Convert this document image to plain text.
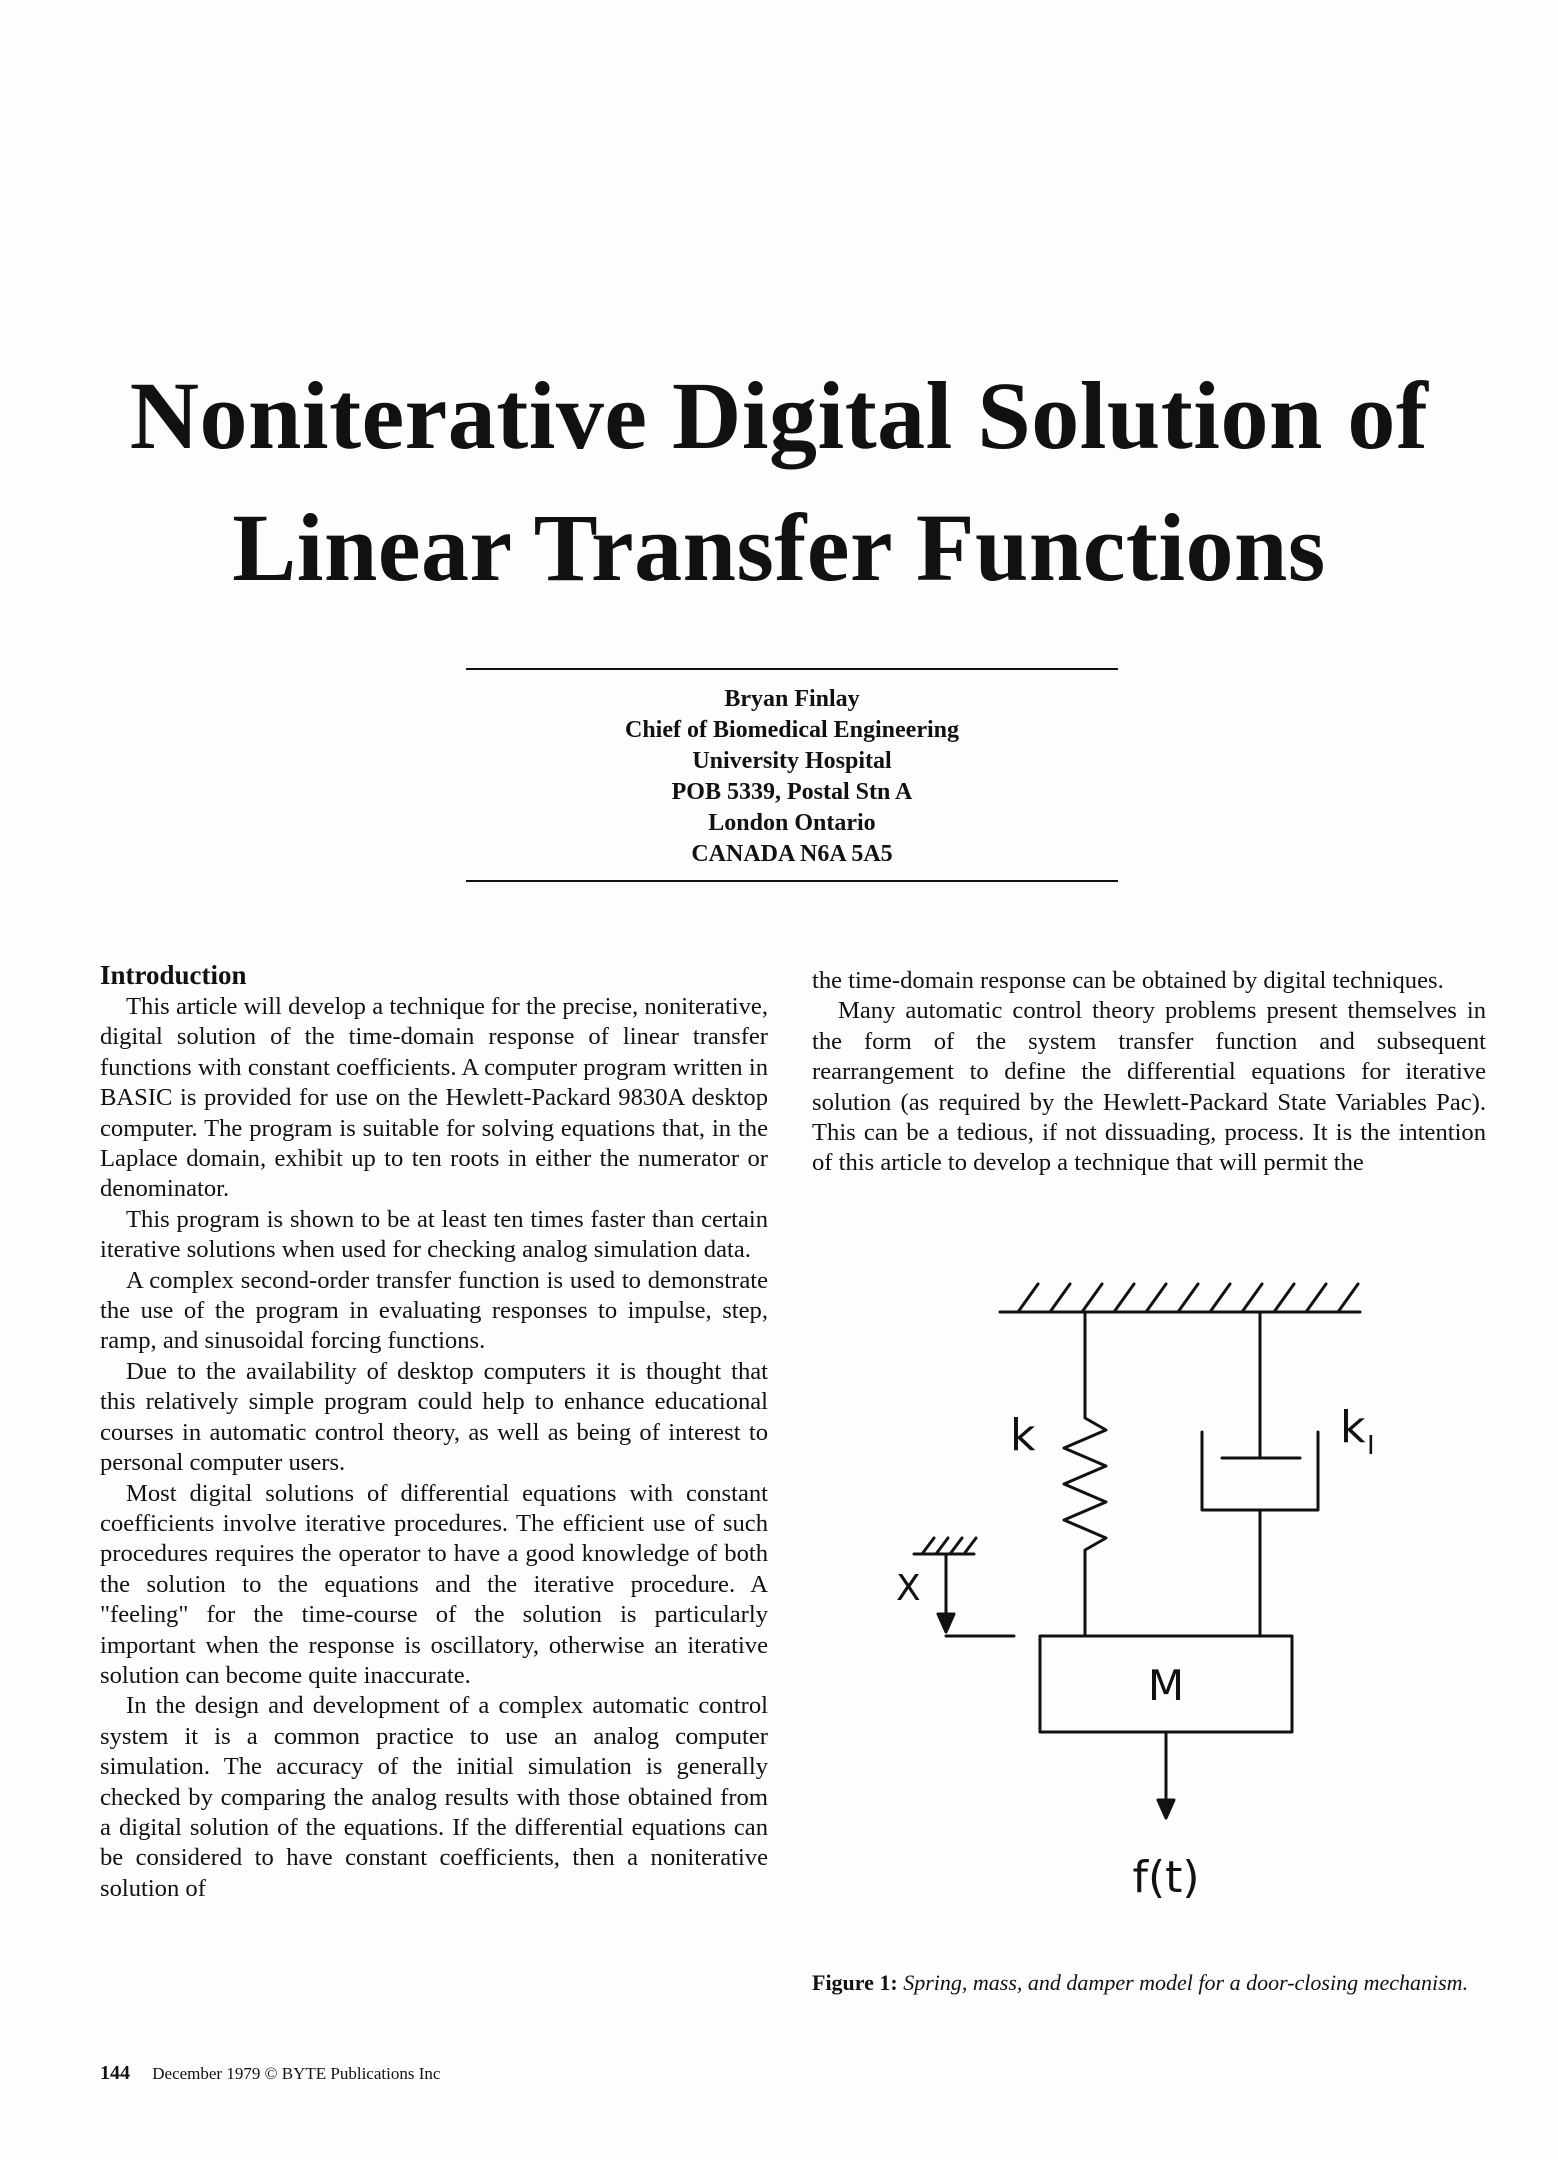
Noniterative Digital Solution of
Linear Transfer Functions
Bryan Finlay
Chief of Biomedical Engineering
University Hospital
POB 5339, Postal Stn A
London Ontario
CANADA N6A 5A5
Introduction

This article will develop a technique for the precise, noniterative, digital solution of the time-domain response of linear transfer functions with constant coefficients. A computer program written in BASIC is provided for use on the Hewlett-Packard 9830A desktop computer. The program is suitable for solving equations that, in the Laplace domain, exhibit up to ten roots in either the numerator or denominator.

This program is shown to be at least ten times faster than certain iterative solutions when used for checking analog simulation data.

A complex second-order transfer function is used to demonstrate the use of the program in evaluating responses to impulse, step, ramp, and sinusoidal forcing functions.

Due to the availability of desktop computers it is thought that this relatively simple program could help to enhance educational courses in automatic control theory, as well as being of interest to personal computer users.

Most digital solutions of differential equations with constant coefficients involve iterative procedures. The efficient use of such procedures requires the operator to have a good knowledge of both the solution to the equations and the iterative procedure. A "feeling" for the time-course of the solution is particularly important when the response is oscillatory, otherwise an iterative solution can become quite inaccurate.

In the design and development of a complex automatic control system it is a common practice to use an analog computer simulation. The accuracy of the initial simulation is generally checked by comparing the analog results with those obtained from a digital solution of the equations. If the differential equations can be considered to have constant coefficients, then a noniterative solution of

the time-domain response can be obtained by digital techniques.

Many automatic control theory problems present themselves in the form of the system transfer function and subsequent rearrangement to define the differential equations for iterative solution (as required by the Hewlett-Packard State Variables Pac). This can be a tedious, if not dissuading, process. It is the intention of this article to develop a technique that will permit the

k	k I
X
M
f(t)
Figure 1: Spring, mass, and damper model for a door-closing mechanism.
144 December 1979 © BYTE Publications Inc
